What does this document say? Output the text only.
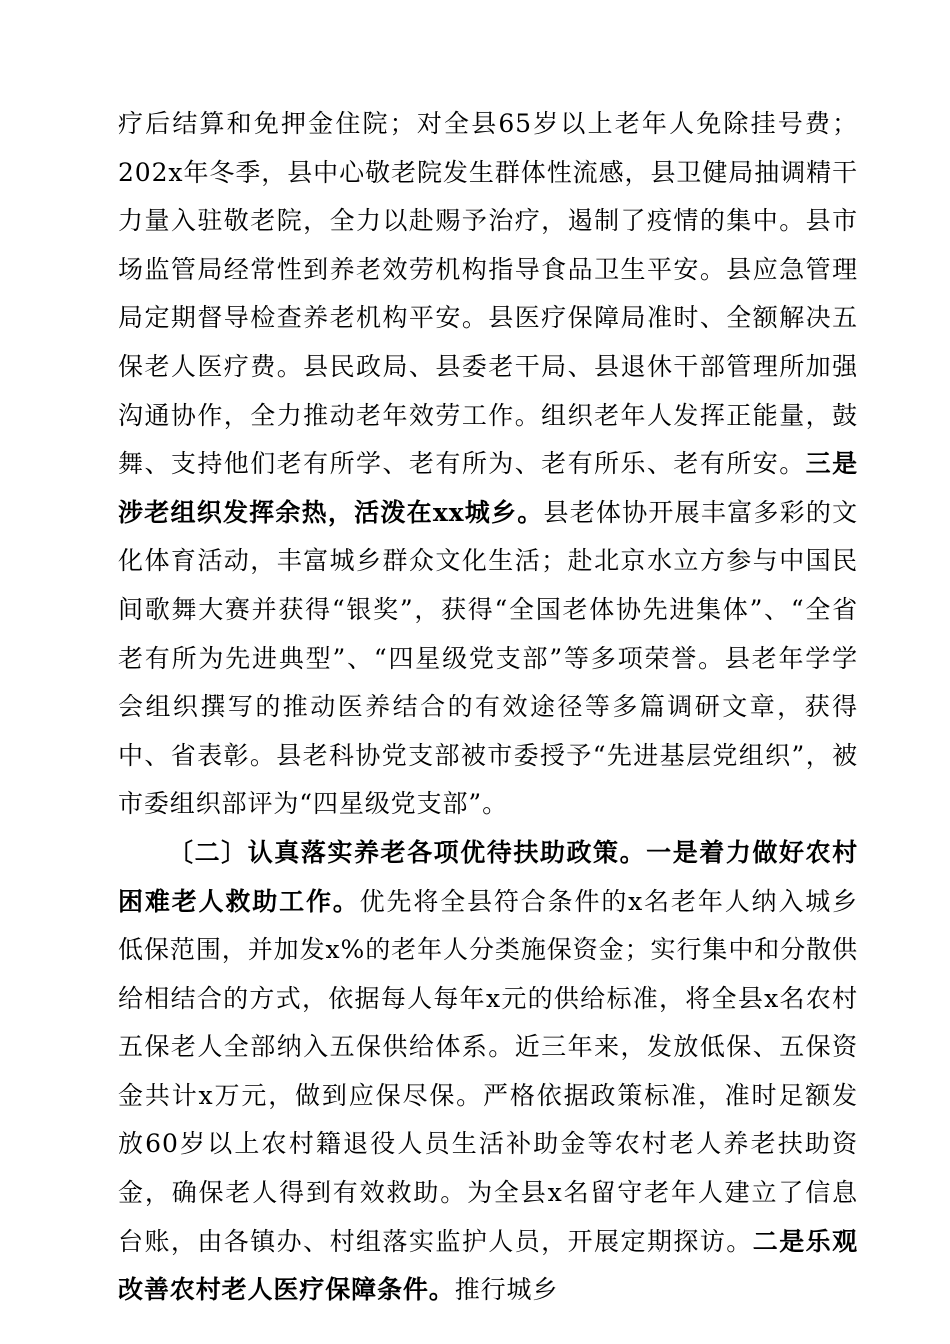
疗后结算和免押金住院；对全县65岁以上老年人免除挂号费；202x年冬季，县中心敬老院发生群体性流感，县卫健局抽调精干力量入驻敬老院，全力以赴赐予治疗，遏制了疫情的集中。县市场监管局经常性到养老效劳机构指导食品卫生平安。县应急管理局定期督导检查养老机构平安。县医疗保障局准时、全额解决五保老人医疗费。县民政局、县委老干局、县退休干部管理所加强沟通协作，全力推动老年效劳工作。组织老年人发挥正能量，鼓舞、支持他们老有所学、老有所为、老有所乐、老有所安。三是涉老组织发挥余热，活泼在xx城乡。县老体协开展丰富多彩的文化体育活动，丰富城乡群众文化生活；赴北京水立方参与中国民间歌舞大赛并获得“银奖”，获得“全国老体协先进集体”、“全省老有所为先进典型”、“四星级党支部”等多项荣誉。县老年学学会组织撰写的推动医养结合的有效途径等多篇调研文章，获得中、省表彰。县老科协党支部被市委授予“先进基层党组织”，被市委组织部评为“四星级党支部”。

〔二〕认真落实养老各项优待扶助政策。一是着力做好农村困难老人救助工作。优先将全县符合条件的x名老年人纳入城乡低保范围，并加发x%的老年人分类施保资金；实行集中和分散供给相结合的方式，依据每人每年x元的供给标准，将全县x名农村五保老人全部纳入五保供给体系。近三年来，发放低保、五保资金共计x万元，做到应保尽保。严格依据政策标准，准时足额发放60岁以上农村籍退役人员生活补助金等农村老人养老扶助资金，确保老人得到有效救助。为全县x名留守老年人建立了信息台账，由各镇办、村组落实监护人员，开展定期探访。二是乐观改善农村老人医疗保障条件。推行城乡
